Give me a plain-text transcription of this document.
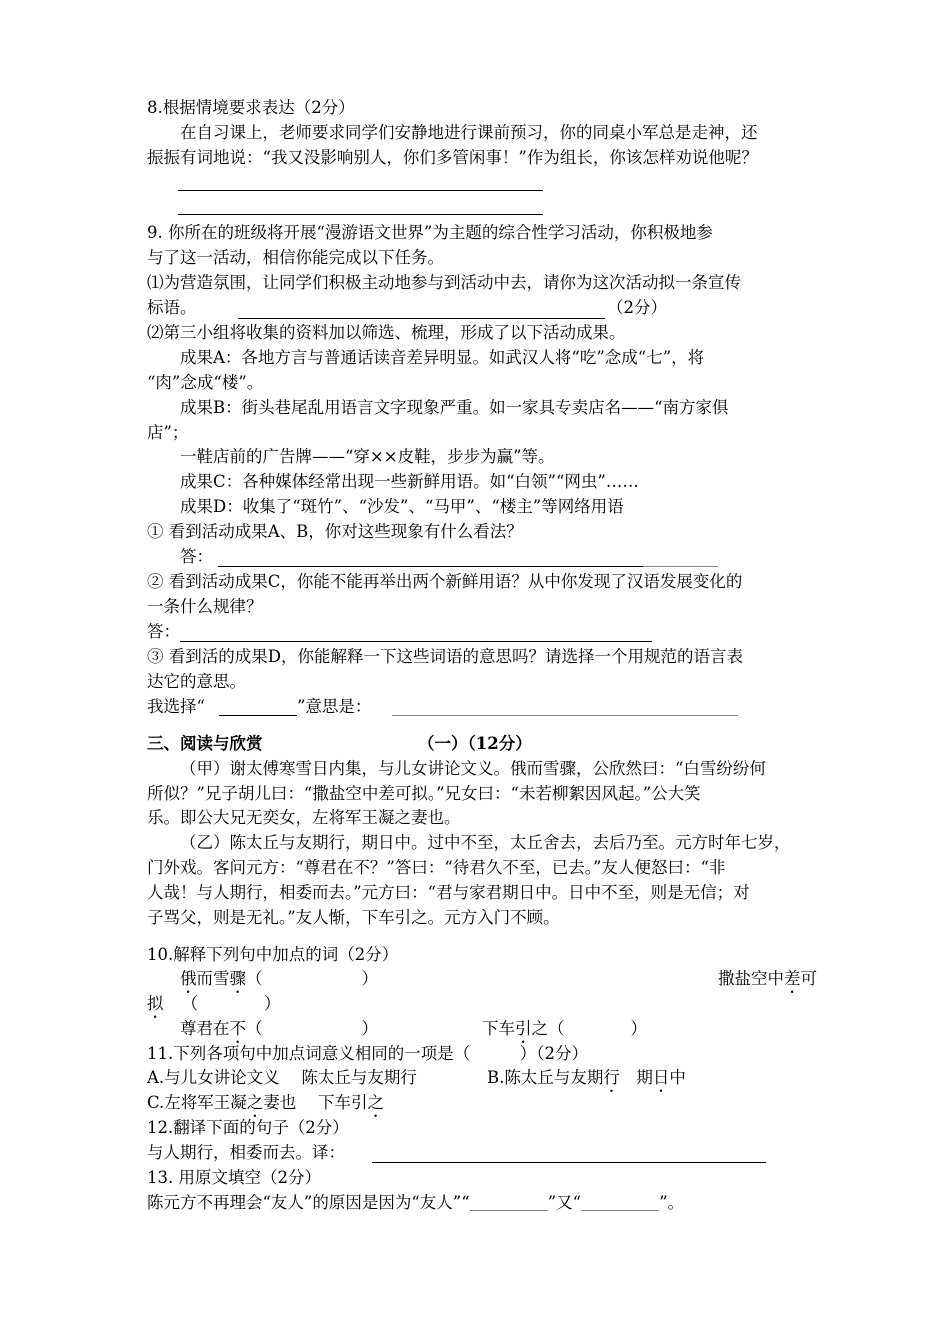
8.根据情境要求表达（2分）
在自习课上，老师要求同学们安静地进行课前预习，你的同桌小军总是走神，还
振振有词地说：“我又没影响别人，你们多管闲事！”作为组长，你该怎样劝说他呢？
9. 你所在的班级将开展“漫游语文世界”为主题的综合性学习活动，你积极地参
与了这一活动，相信你能完成以下任务。
⑴为营造氛围，让同学们积极主动地参与到活动中去，请你为这次活动拟一条宣传
标语。	（2分）
⑵第三小组将收集的资料加以筛选、梳理，形成了以下活动成果。
成果A：各地方言与普通话读音差异明显。如武汉人将“吃”念成“七”，将
“肉”念成“楼”。
成果B：街头巷尾乱用语言文字现象严重。如一家具专卖店名——“南方家俱
店”；
一鞋店前的广告牌——“穿××皮鞋，步步为赢”等。
成果C：各种媒体经常出现一些新鲜用语。如“白领”“网虫”……
成果D：收集了“斑竹”、“沙发”、“马甲”、“楼主”等网络用语
① 看到活动成果A、B，你对这些现象有什么看法？
答：
② 看到活动成果C，你能不能再举出两个新鲜用语？从中你发现了汉语发展变化的
一条什么规律？
答：
③ 看到活的成果D，你能解释一下这些词语的意思吗？请选择一个用规范的语言表
达它的意思。
我选择“	”意思是：
三、阅读与欣赏	（一）（12分）
（甲）谢太傅寒雪日内集，与儿女讲论文义。俄而雪骤，公欣然曰：“白雪纷纷何
所似？”兄子胡儿曰：“撒盐空中差可拟。”兄女曰：“未若柳絮因风起。”公大笑
乐。即公大兄无奕女，左将军王凝之妻也。
（乙）陈太丘与友期行，期日中。过中不至，太丘舍去，去后乃至。元方时年七岁，
门外戏。客问元方：“尊君在不？”答曰：“待君久不至，已去。”友人便怒曰：“非
人哉！与人期行，相委而去。”元方曰：“君与家君期日中。日中不至，则是无信；对
子骂父，则是无礼。”友人惭，下车引之。元方入门不顾。
10.解释下列句中加点的词（2分）
俄而雪骤（　　　　　　）	撒盐空中差可
拟 （　　　　）
尊君在不（　　　　　　）	下车引之（　　　　）
11.下列各项句中加点词意义相同的一项是（　　　）（2分）
A.与儿女讲论文义　 陈太丘与友期行	B.陈太丘与友期行　期日中
C.左将军王凝之妻也　 下车引之
12.翻译下面的句子（2分）
与人期行，相委而去。译：
13. 用原文填空（2分）
陈元方不再理会“友人”的原因是因为“友人”“	”又“	”。
